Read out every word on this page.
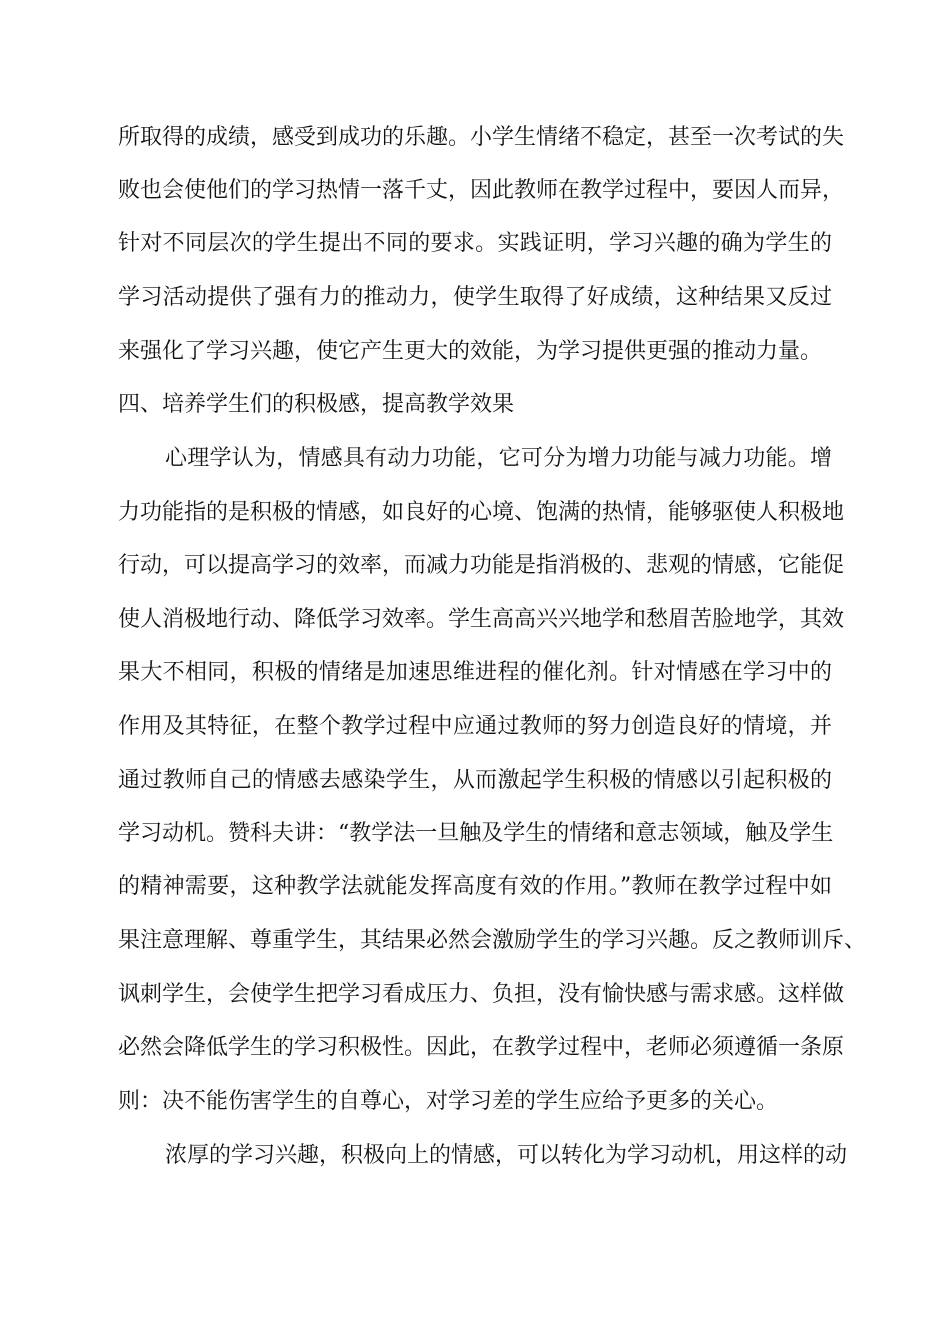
所取得的成绩，感受到成功的乐趣。小学生情绪不稳定，甚至一次考试的失
败也会使他们的学习热情一落千丈，因此教师在教学过程中，要因人而异，
针对不同层次的学生提出不同的要求。实践证明，学习兴趣的确为学生的
学习活动提供了强有力的推动力，使学生取得了好成绩，这种结果又反过
来强化了学习兴趣，使它产生更大的效能，为学习提供更强的推动力量。
四、培养学生们的积极感，提高教学效果
心理学认为，情感具有动力功能，它可分为增力功能与减力功能。增
力功能指的是积极的情感，如良好的心境、饱满的热情，能够驱使人积极地
行动，可以提高学习的效率，而减力功能是指消极的、悲观的情感，它能促
使人消极地行动、降低学习效率。学生高高兴兴地学和愁眉苦脸地学，其效
果大不相同，积极的情绪是加速思维进程的催化剂。针对情感在学习中的
作用及其特征，在整个教学过程中应通过教师的努力创造良好的情境，并
通过教师自己的情感去感染学生，从而激起学生积极的情感以引起积极的
学习动机。赞科夫讲：“教学法一旦触及学生的情绪和意志领域，触及学生
的精神需要，这种教学法就能发挥高度有效的作用。”教师在教学过程中如
果注意理解、尊重学生，其结果必然会激励学生的学习兴趣。反之教师训斥、
讽刺学生，会使学生把学习看成压力、负担，没有愉快感与需求感。这样做
必然会降低学生的学习积极性。因此，在教学过程中，老师必须遵循一条原
则：决不能伤害学生的自尊心，对学习差的学生应给予更多的关心。
浓厚的学习兴趣，积极向上的情感，可以转化为学习动机，用这样的动
